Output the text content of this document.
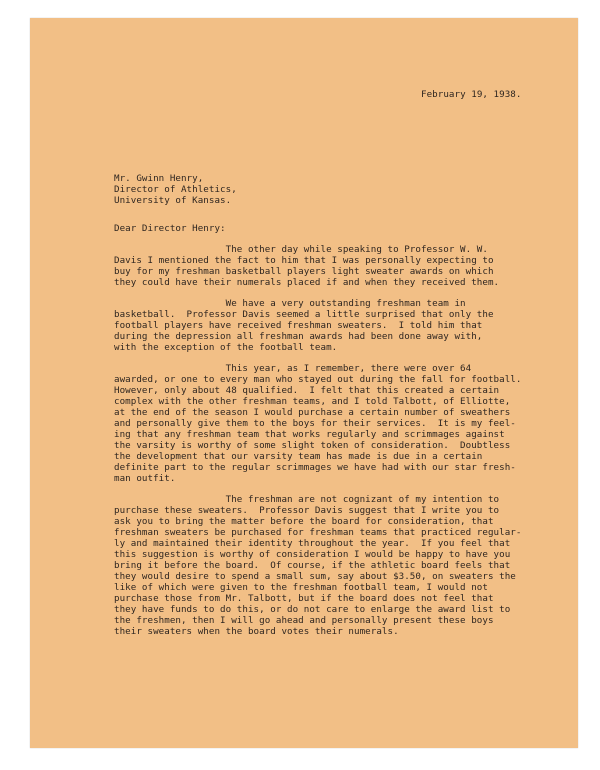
February 19, 1938.
Mr. Gwinn Henry,
Director of Athletics,
University of Kansas.
Dear Director Henry:
The other day while speaking to Professor W. W.
Davis I mentioned the fact to him that I was personally expecting to
buy for my freshman basketball players light sweater awards on which
they could have their numerals placed if and when they received them.
We have a very outstanding freshman team in
basketball.  Professor Davis seemed a little surprised that only the
football players have received freshman sweaters.  I told him that
during the depression all freshman awards had been done away with,
with the exception of the football team.
This year, as I remember, there were over 64
awarded, or one to every man who stayed out during the fall for football.
However, only about 48 qualified.  I felt that this created a certain
complex with the other freshman teams, and I told Talbott, of Elliotte,
at the end of the season I would purchase a certain number of sweathers
and personally give them to the boys for their services.  It is my feel-
ing that any freshman team that works regularly and scrimmages against
the varsity is worthy of some slight token of consideration.  Doubtless
the development that our varsity team has made is due in a certain
definite part to the regular scrimmages we have had with our star fresh-
man outfit.
The freshman are not cognizant of my intention to
purchase these sweaters.  Professor Davis suggest that I write you to
ask you to bring the matter before the board for consideration, that
freshman sweaters be purchased for freshman teams that practiced regular-
ly and maintained their identity throughout the year.  If you feel that
this suggestion is worthy of consideration I would be happy to have you
bring it before the board.  Of course, if the athletic board feels that
they would desire to spend a small sum, say about $3.50, on sweaters the
like of which were given to the freshman football team, I would not
purchase those from Mr. Talbott, but if the board does not feel that
they have funds to do this, or do not care to enlarge the award list to
the freshmen, then I will go ahead and personally present these boys
their sweaters when the board votes their numerals.
